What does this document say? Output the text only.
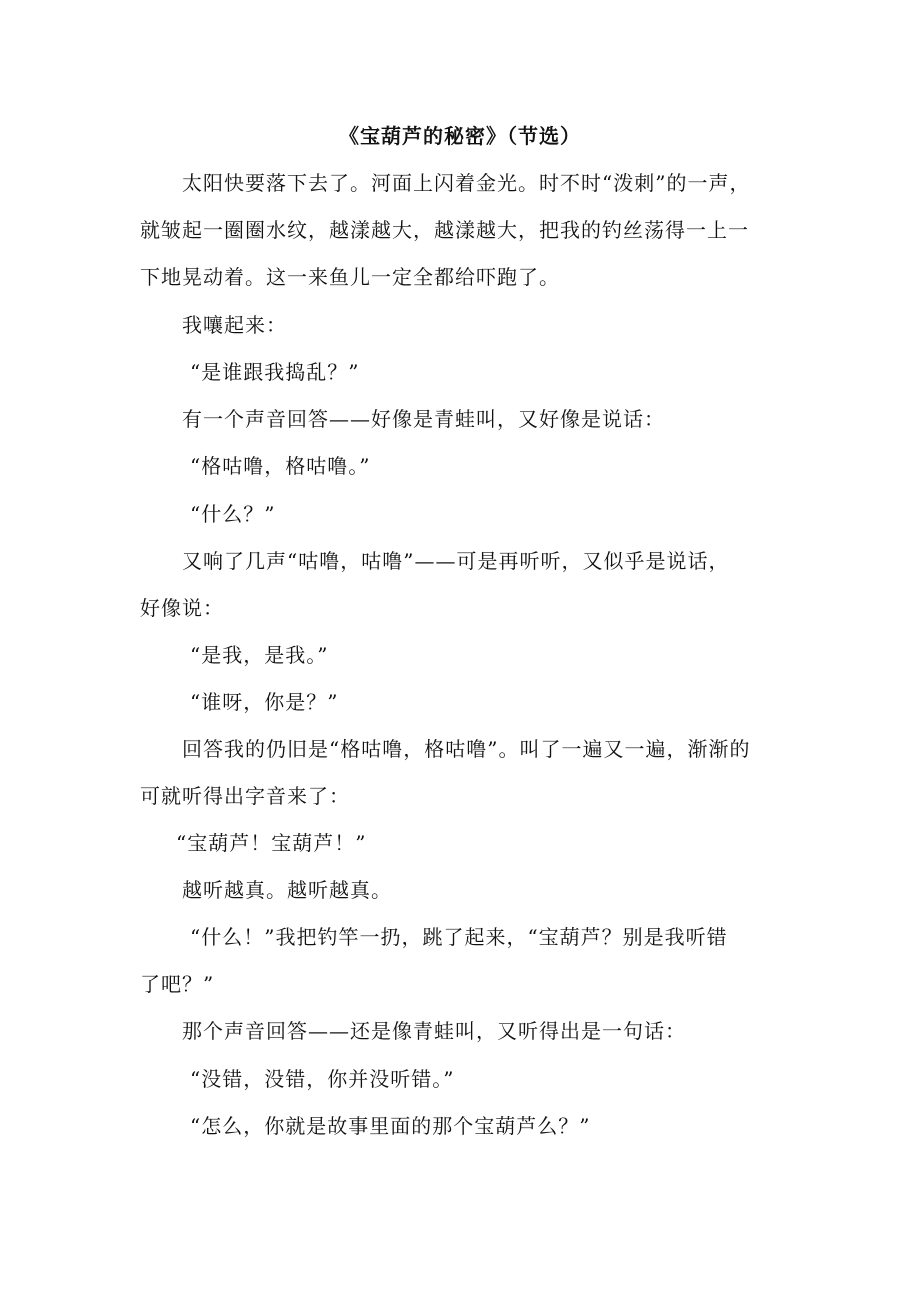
《宝葫芦的秘密》（节选）
太阳快要落下去了。河面上闪着金光。时不时“泼刺”的一声，
就皱起一圈圈水纹，越漾越大，越漾越大，把我的钓丝荡得一上一
下地晃动着。这一来鱼儿一定全都给吓跑了。
我嚷起来：
“是谁跟我捣乱？”
有一个声音回答——好像是青蛙叫，又好像是说话：
“格咕噜，格咕噜。”
“什么？”
又响了几声“咕噜，咕噜”——可是再听听，又似乎是说话，
好像说：
“是我，是我。”
“谁呀，你是？”
回答我的仍旧是“格咕噜，格咕噜”。叫了一遍又一遍，渐渐的
可就听得出字音来了：
“宝葫芦！宝葫芦！”
越听越真。越听越真。
“什么！”我把钓竿一扔，跳了起来，“宝葫芦？别是我听错
了吧？”
那个声音回答——还是像青蛙叫，又听得出是一句话：
“没错，没错，你并没听错。”
“怎么，你就是故事里面的那个宝葫芦么？”
